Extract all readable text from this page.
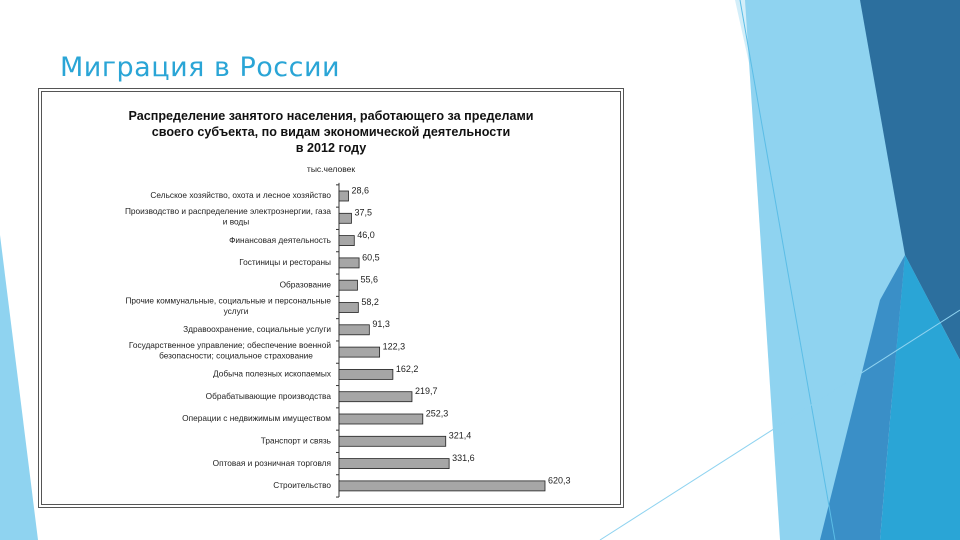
Миграция в России
Распределение занятого населения, работающего за пределами
своего субъекта, по видам экономической деятельности
в 2012 году
тыс.человек
28,6
Сельское хозяйство, охота и лесное хозяйство
37,5
Производство и распределение электроэнергии, газа
и воды
46,0
Финансовая деятельность
60,5
Гостиницы и рестораны
55,6
Образование
58,2
Прочие коммунальные, социальные и персональные
услуги
91,3
Здравоохранение, социальные услуги
122,3
Государственное управление; обеспечение военной
безопасности; социальное страхование
162,2
Добыча полезных ископаемых
219,7
Обрабатывающие производства
252,3
Операции с недвижимым имуществом
321,4
Транспорт и связь
331,6
Оптовая и розничная торговля
620,3
Строительство
